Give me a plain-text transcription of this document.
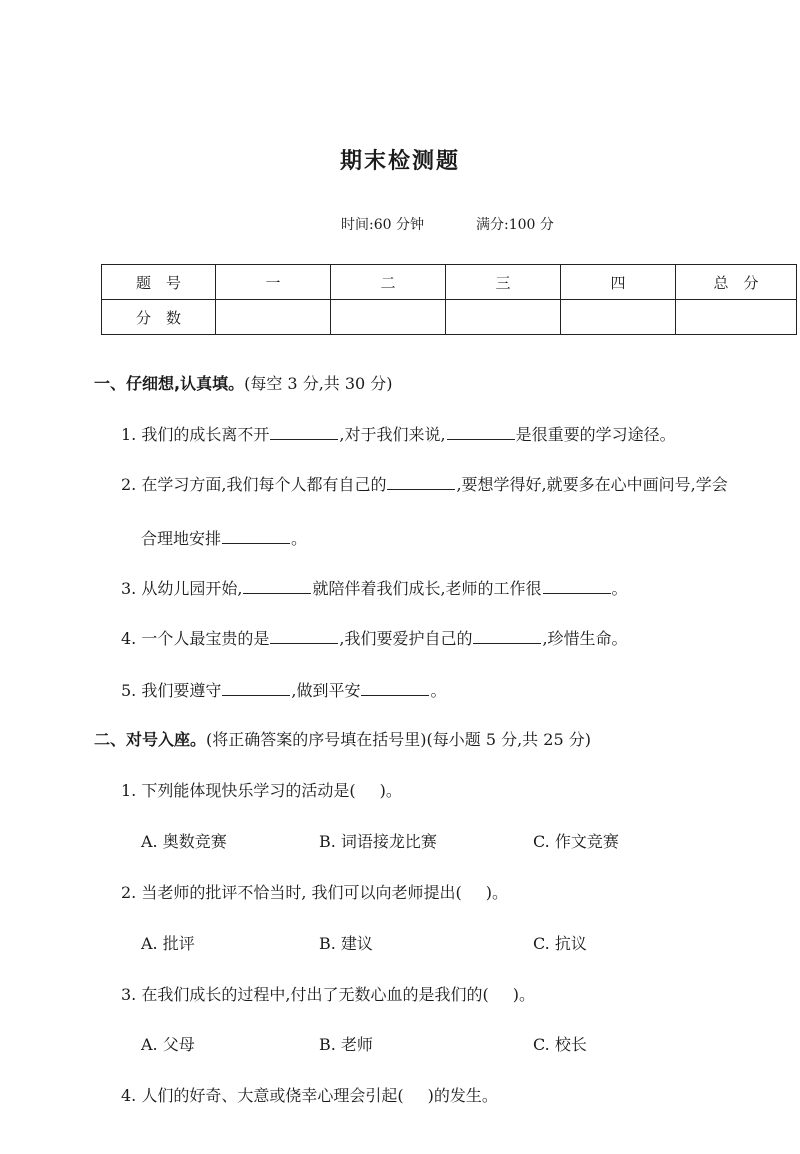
期末检测题
时间:60 分钟	满分:100 分
题　号	一	二	三	四	总　分
分　数					
一、仔细想,认真填。(每空 3 分,共 30 分)
1. 我们的成长离不开	,对于我们来说,	是很重要的学习途径。
2. 在学习方面,我们每个人都有自己的	,要想学得好,就要多在心中画问号,学会
合理地安排	。
3. 从幼儿园开始,	就陪伴着我们成长,老师的工作很	。
4. 一个人最宝贵的是	,我们要爱护自己的	,珍惜生命。
5. 我们要遵守	,做到平安	。
二、对号入座。(将正确答案的序号填在括号里)(每小题 5 分,共 25 分)
1. 下列能体现快乐学习的活动是( )。
A. 奥数竞赛	B. 词语接龙比赛	C. 作文竞赛
2. 当老师的批评不恰当时, 我们可以向老师提出( )。
A. 批评	B. 建议	C. 抗议
3. 在我们成长的过程中,付出了无数心血的是我们的( )。
A. 父母	B. 老师	C. 校长
4. 人们的好奇、大意或侥幸心理会引起( )的发生。
